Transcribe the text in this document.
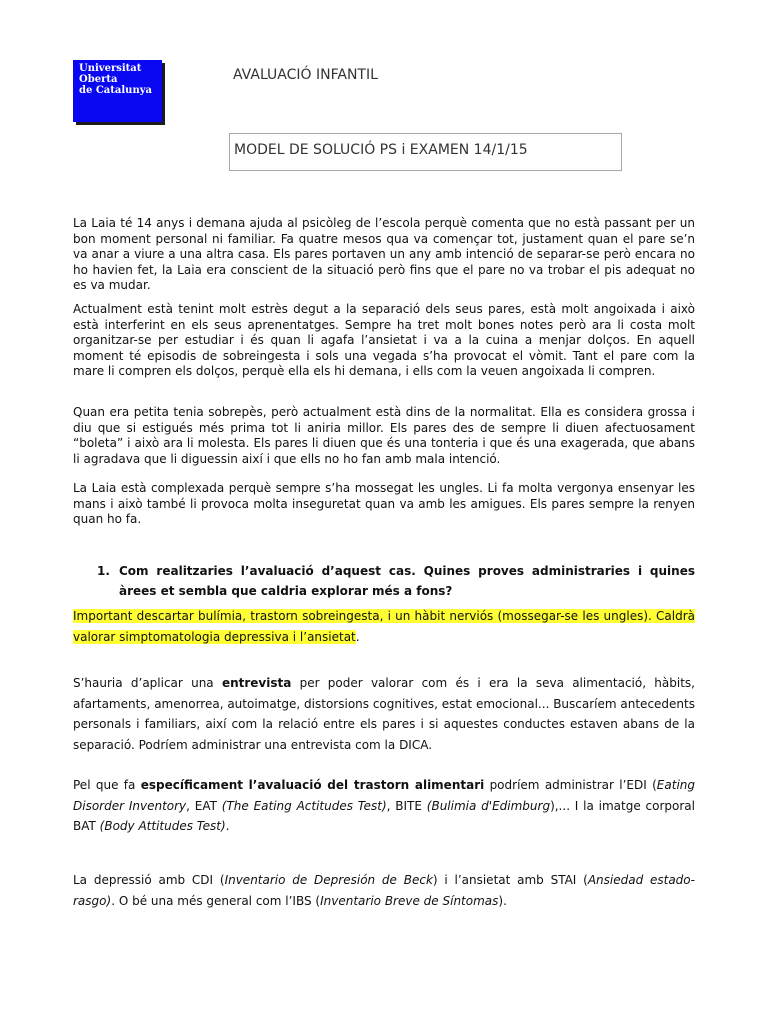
Universitat
Oberta
de Catalunya
AVALUACIÓ INFANTIL
MODEL DE SOLUCIÓ PS i EXAMEN 14/1/15

La Laia té 14 anys i demana ajuda al psicòleg de l’escola perquè comenta que no està passant per un bon moment personal ni familiar. Fa quatre mesos qua va començar tot, justament quan el pare se’n va anar a viure a una altra casa. Els pares portaven un any amb intenció de separar-se però encara no ho havien fet, la Laia era conscient de la situació però fins que el pare no va trobar el pis adequat no es va mudar.

Actualment està tenint molt estrès degut a la separació dels seus pares, està molt angoixada i això està interferint en els seus aprenentatges. Sempre ha tret molt bones notes però ara li costa molt organitzar-se per estudiar i és quan li agafa l’ansietat i va a la cuina a menjar dolços. En aquell moment té episodis de sobreingesta i sols una vegada s’ha provocat el vòmit. Tant el pare com la mare li compren els dolços, perquè ella els hi demana, i ells com la veuen angoixada li compren.

Quan era petita tenia sobrepès, però actualment està dins de la normalitat. Ella es considera grossa i diu que si estigués més prima tot li aniria millor. Els pares des de sempre li diuen afectuosament “boleta” i això ara li molesta. Els pares li diuen que és una tonteria i que és una exagerada, que abans li agradava que li diguessin així i que ells no ho fan amb mala intenció.

La Laia està complexada perquè sempre s’ha mossegat les ungles. Li fa molta vergonya ensenyar les mans i això també li provoca molta inseguretat quan va amb les amigues. Els pares sempre la renyen quan ho fa.

1. Com realitzaries l’avaluació d’aquest cas. Quines proves administraries i quines àrees et sembla que caldria explorar més a fons?

Important descartar bulímia, trastorn sobreingesta, i un hàbit nerviós (mossegar-se les ungles). Caldrà valorar simptomatologia depressiva i l’ansietat.

S’hauria d’aplicar una entrevista per poder valorar com és i era la seva alimentació, hàbits, afartaments, amenorrea, autoimatge, distorsions cognitives, estat emocional... Buscaríem antecedents personals i familiars, així com la relació entre els pares i si aquestes conductes estaven abans de la separació. Podríem administrar una entrevista com la DICA.

Pel que fa específicament l’avaluació del trastorn alimentari podríem administrar l’EDI (Eating Disorder Inventory, EAT (The Eating Actitudes Test), BITE (Bulimia d'Edimburg),... I la imatge corporal BAT (Body Attitudes Test).

La depressió amb CDI (Inventario de Depresión de Beck) i l’ansietat amb STAI (Ansiedad estado-rasgo). O bé una més general com l’IBS (Inventario Breve de Síntomas).
